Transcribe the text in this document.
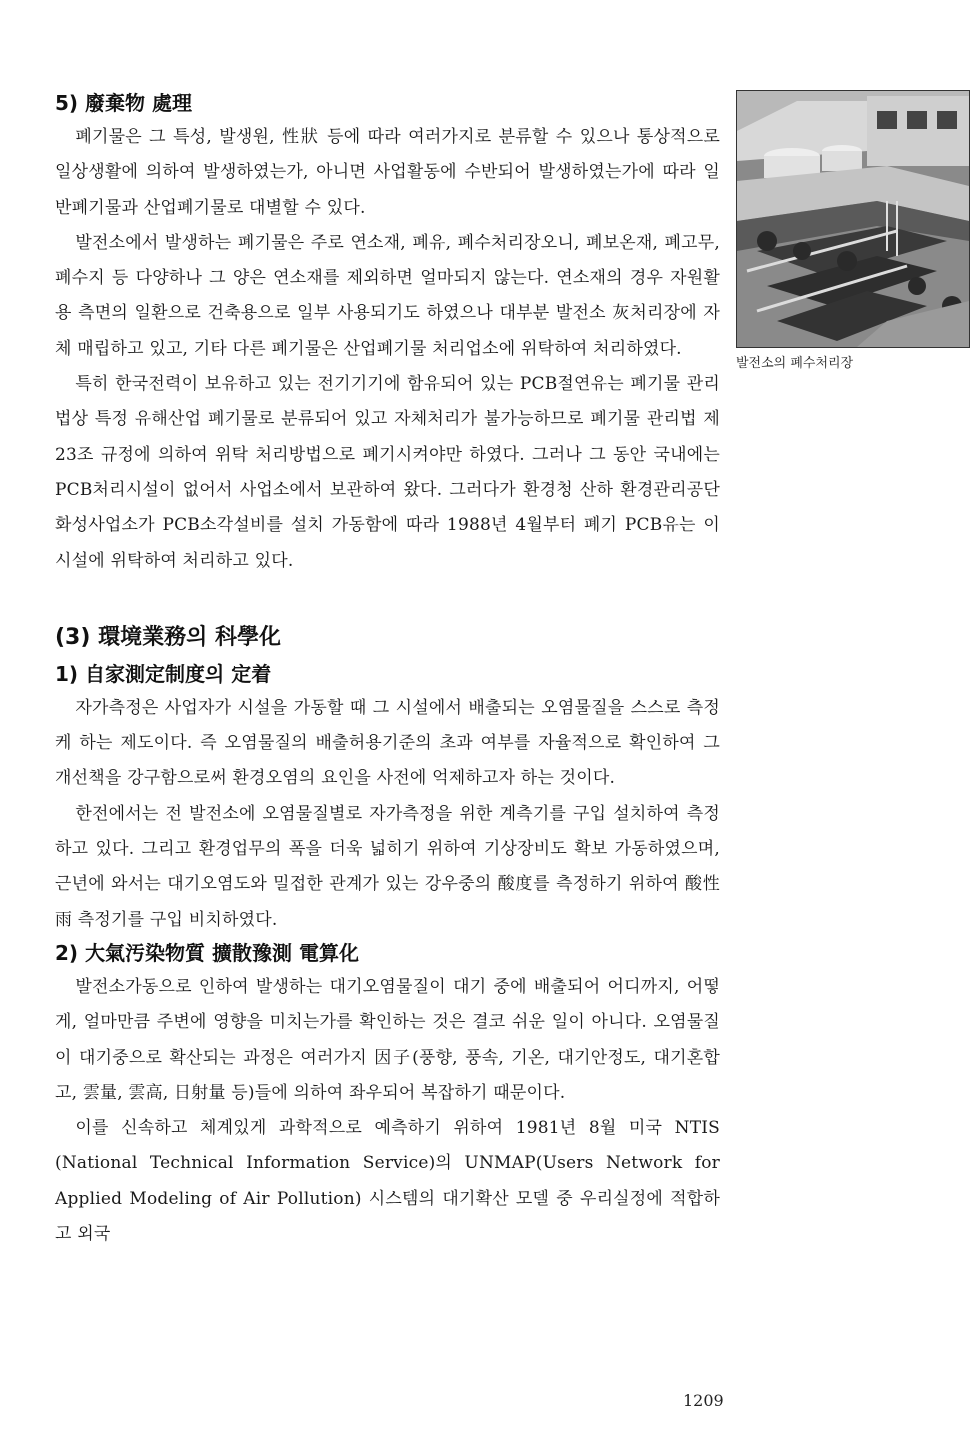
5) 廢棄物 處理

폐기물은 그 특성, 발생원, 性狀 등에 따라 여러가지로 분류할 수 있으나 통상적으로 일상생활에 의하여 발생하였는가, 아니면 사업활동에 수반되어 발생하였는가에 따라 일반폐기물과 산업폐기물로 대별할 수 있다.

발전소에서 발생하는 폐기물은 주로 연소재, 폐유, 폐수처리장오니, 폐보온재, 폐고무, 폐수지 등 다양하나 그 양은 연소재를 제외하면 얼마되지 않는다. 연소재의 경우 자원활용 측면의 일환으로 건축용으로 일부 사용되기도 하였으나 대부분 발전소 灰처리장에 자체 매립하고 있고, 기타 다른 폐기물은 산업폐기물 처리업소에 위탁하여 처리하였다.

특히 한국전력이 보유하고 있는 전기기기에 함유되어 있는 PCB절연유는 폐기물 관리법상 특정 유해산업 폐기물로 분류되어 있고 자체처리가 불가능하므로 폐기물 관리법 제23조 규정에 의하여 위탁 처리방법으로 폐기시켜야만 하였다. 그러나 그 동안 국내에는 PCB처리시설이 없어서 사업소에서 보관하여 왔다. 그러다가 환경청 산하 환경관리공단 화성사업소가 PCB소각설비를 설치 가동함에 따라 1988년 4월부터 폐기 PCB유는 이 시설에 위탁하여 처리하고 있다.

(3) 環境業務의 科學化
1) 自家測定制度의 定着

자가측정은 사업자가 시설을 가동할 때 그 시설에서 배출되는 오염물질을 스스로 측정케 하는 제도이다. 즉 오염물질의 배출허용기준의 초과 여부를 자율적으로 확인하여 그 개선책을 강구함으로써 환경오염의 요인을 사전에 억제하고자 하는 것이다.

한전에서는 전 발전소에 오염물질별로 자가측정을 위한 계측기를 구입 설치하여 측정하고 있다. 그리고 환경업무의 폭을 더욱 넓히기 위하여 기상장비도 확보 가동하였으며, 근년에 와서는 대기오염도와 밀접한 관계가 있는 강우중의 酸度를 측정하기 위하여 酸性雨 측정기를 구입 비치하였다.

2) 大氣汚染物質 擴散豫測 電算化

발전소가동으로 인하여 발생하는 대기오염물질이 대기 중에 배출되어 어디까지, 어떻게, 얼마만큼 주변에 영향을 미치는가를 확인하는 것은 결코 쉬운 일이 아니다. 오염물질이 대기중으로 확산되는 과정은 여러가지 因子(풍향, 풍속, 기온, 대기안정도, 대기혼합고, 雲量, 雲高, 日射量 등)들에 의하여 좌우되어 복잡하기 때문이다.

이를 신속하고 체계있게 과학적으로 예측하기 위하여 1981년 8월 미국 NTIS (National Technical Information Service)의 UNMAP(Users Network for Applied Modeling of Air Pollution) 시스템의 대기확산 모델 중 우리실정에 적합하고 외국

발전소의 폐수처리장
1209
